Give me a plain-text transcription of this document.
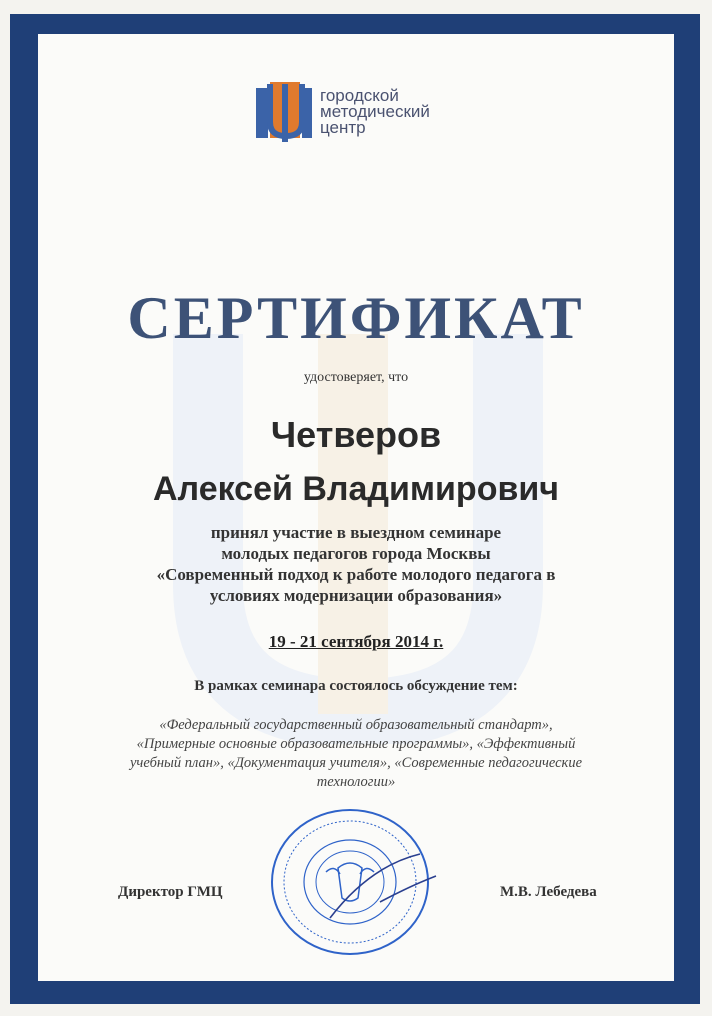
городской
методический
центр
СЕРТИФИКАТ
удостоверяет, что
Четверов
Алексей Владимирович
принял участие в выездном семинаре
молодых педагогов города Москвы
«Современный подход к работе молодого педагога в
условиях модернизации образования»
19 - 21 сентября 2014 г.
В рамках семинара состоялось обсуждение тем:
«Федеральный государственный образовательный стандарт»,
«Примерные основные образовательные программы», «Эффективный
учебный план», «Документация учителя», «Современные педагогические
технологии»
Директор ГМЦ	М.В. Лебедева
